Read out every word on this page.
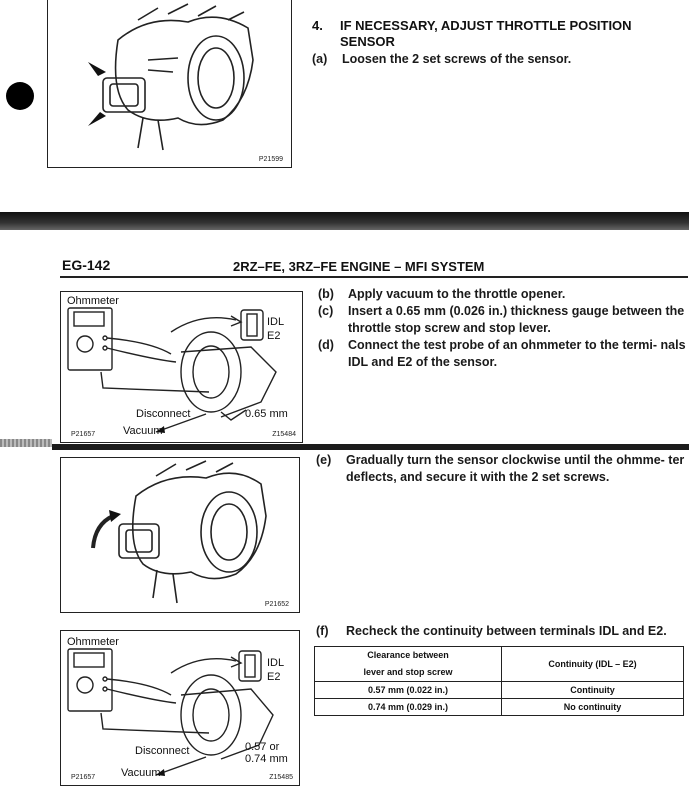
P21599
4. IF NECESSARY, ADJUST THROTTLE POSITION
SENSOR
(a)	Loosen the 2 set screws of the sensor.
EG-142	2RZ–FE, 3RZ–FE ENGINE – MFI SYSTEM
Ohmmeter
IDL
E2
Disconnect
Vacuum
0.65 mm
P21657	Z15484
(b)	Apply vacuum to the throttle opener.
(c)	Insert a 0.65 mm (0.026 in.) thickness gauge between the throttle stop screw and stop lever.
(d)	Connect the test probe of an ohmmeter to the termi- nals IDL and E2 of the sensor.
P21652
(e)	Gradually turn the sensor clockwise until the ohmme- ter deflects, and secure it with the 2 set screws.
Ohmmeter
IDL
E2
Disconnect
Vacuum
0.57 or
0.74 mm
P21657	Z15485
(f)	Recheck the continuity between terminals IDL and E2.
Clearance between
lever and stop screw	Continuity (IDL – E2)
0.57 mm (0.022 in.)	Continuity
0.74 mm (0.029 in.)	No continuity
